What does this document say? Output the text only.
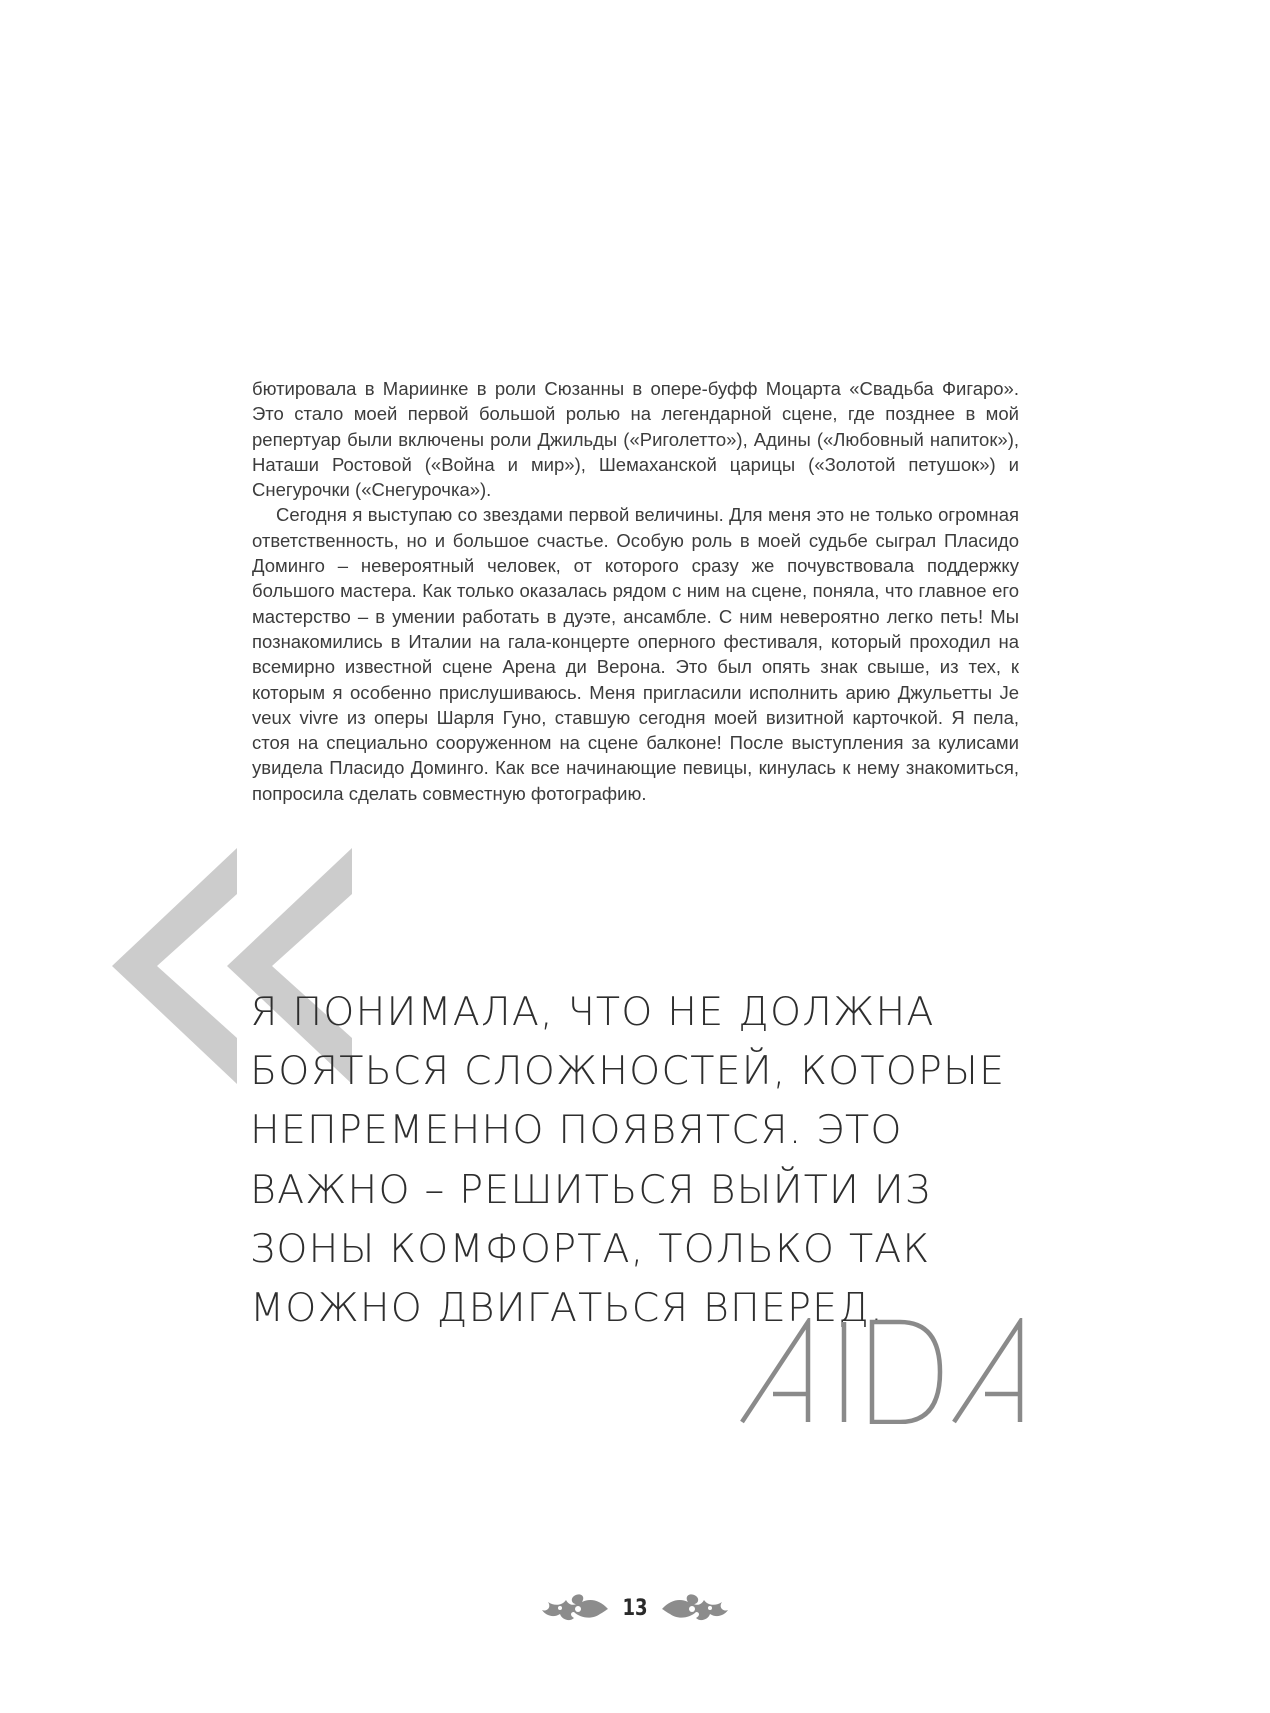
бютировала в Мариинке в роли Сюзанны в опере-буфф Моцарта «Свадьба Фигаро». Это стало моей первой большой ролью на легендарной сцене, где позднее в мой репертуар были включены роли Джильды («Риголетто»), Адины («Любовный напиток»), Наташи Ростовой («Война и мир»), Шемаханской царицы («Золотой петушок») и Снегурочки («Снегурочка»).

Сегодня я выступаю со звездами первой величины. Для меня это не только огромная ответственность, но и большое счастье. Особую роль в моей судьбе сыграл Пласидо Доминго – невероятный человек, от которого сразу же почувствовала поддержку большого мастера. Как только оказалась рядом с ним на сцене, поняла, что главное его мастерство – в умении работать в дуэте, ансамбле. С ним невероятно легко петь! Мы познакомились в Италии на гала-концерте оперного фестиваля, который проходил на всемирно известной сцене Арена ди Верона. Это был опять знак свыше, из тех, к которым я особенно прислушиваюсь. Меня пригласили исполнить арию Джульетты Je veux vivre из оперы Шарля Гуно, ставшую сегодня моей визитной карточкой. Я пела, стоя на специально сооруженном на сцене балконе! После выступления за кулисами увидела Пласидо Доминго. Как все начинающие певицы, кинулась к нему знакомиться, попросила сделать совместную фотографию.

Я ПОНИМАЛА, ЧТО НЕ ДОЛЖНА
БОЯТЬСЯ СЛОЖНОСТЕЙ, КОТОРЫЕ
НЕПРЕМЕННО ПОЯВЯТСЯ. ЭТО
ВАЖНО – РЕШИТЬСЯ ВЫЙТИ ИЗ
ЗОНЫ КОМФОРТА, ТОЛЬКО ТАК
МОЖНО ДВИГАТЬСЯ ВПЕРЕД.
13
